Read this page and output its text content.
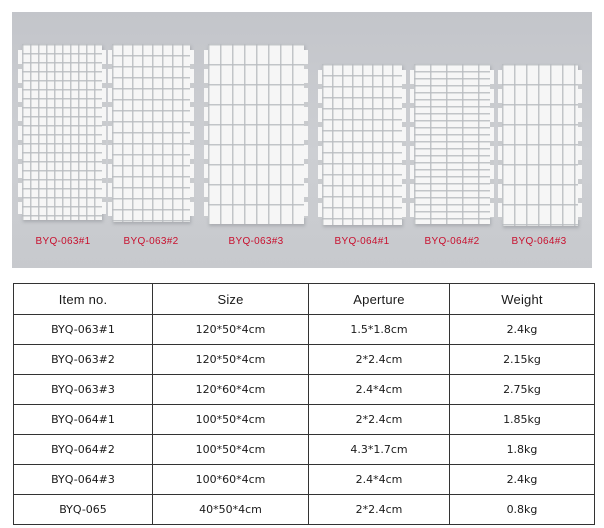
BYQ-063#1	BYQ-063#2	BYQ-063#3	BYQ-064#1	BYQ-064#2	BYQ-064#3
Item no.	Size	Aperture	Weight
BYQ-063#1	120*50*4cm	1.5*1.8cm	2.4kg
BYQ-063#2	120*50*4cm	2*2.4cm	2.15kg
BYQ-063#3	120*60*4cm	2.4*4cm	2.75kg
BYQ-064#1	100*50*4cm	2*2.4cm	1.85kg
BYQ-064#2	100*50*4cm	4.3*1.7cm	1.8kg
BYQ-064#3	100*60*4cm	2.4*4cm	2.4kg
BYQ-065	40*50*4cm	2*2.4cm	0.8kg
